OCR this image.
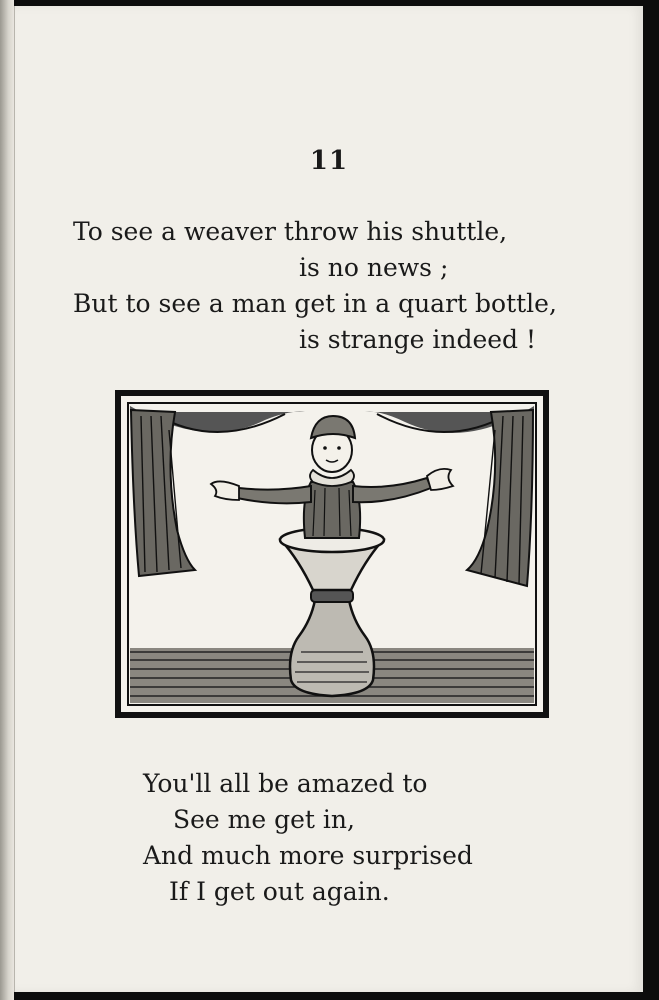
11
To see a weaver throw his shuttle,
is no news ;
But to see a man get in a quart bottle,
is strange indeed !
You'll all be amazed to
See me get in,
And much more surprised
If I get out again.
